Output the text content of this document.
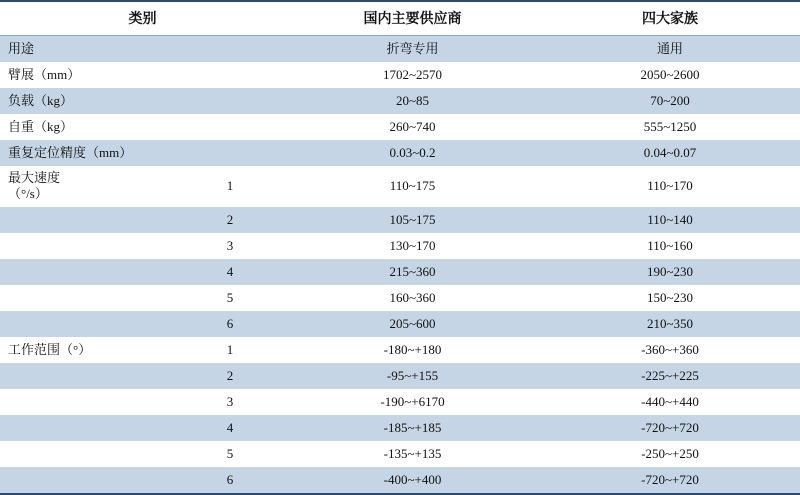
类别		国内主要供应商	四大家族
用途		折弯专用	通用
臂展（mm）		1702~2570	2050~2600
负载（kg）		20~85	70~200
自重（kg）		260~740	555~1250
重复定位精度（mm）		0.03~0.2	0.04~0.07

最大速度
（°/s）	1	110~175	110~170
	2	105~175	110~140
	3	130~170	110~160
	4	215~360	190~230
	5	160~360	150~230
	6	205~600	210~350
工作范围（°）	1	-180~+180	-360~+360
	2	-95~+155	-225~+225
	3	-190~+6170	-440~+440
	4	-185~+185	-720~+720
	5	-135~+135	-250~+250
	6	-400~+400	-720~+720
